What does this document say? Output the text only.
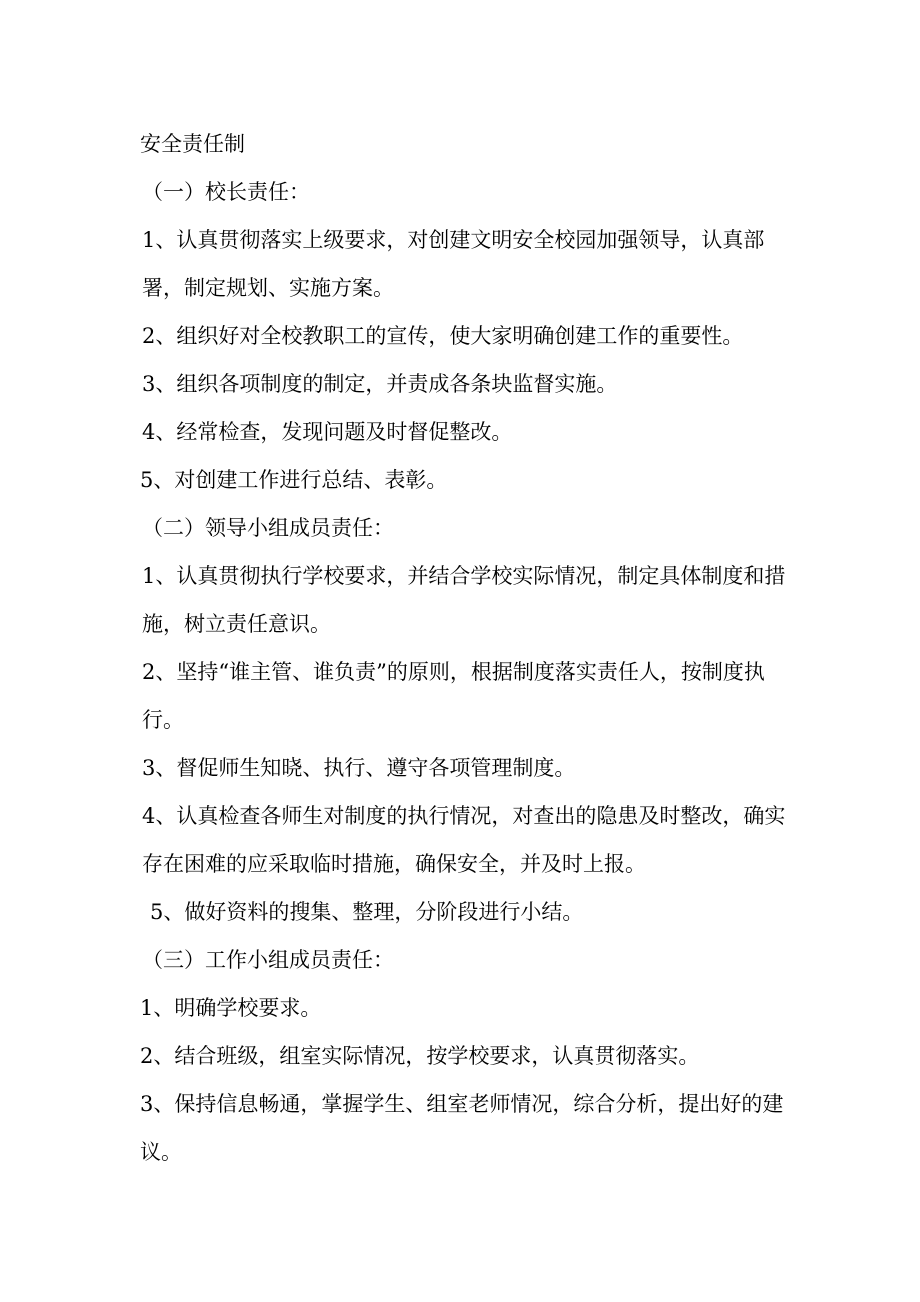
安全责任制

（一）校长责任：

1、认真贯彻落实上级要求，对创建文明安全校园加强领导，认真部署，制定规划、实施方案。

2、组织好对全校教职工的宣传，使大家明确创建工作的重要性。

3、组织各项制度的制定，并责成各条块监督实施。

4、经常检查，发现问题及时督促整改。

5、对创建工作进行总结、表彰。

（二）领导小组成员责任：

1、认真贯彻执行学校要求，并结合学校实际情况，制定具体制度和措施，树立责任意识。

2、坚持“谁主管、谁负责”的原则，根据制度落实责任人，按制度执行。

3、督促师生知晓、执行、遵守各项管理制度。

4、认真检查各师生对制度的执行情况，对查出的隐患及时整改，确实存在困难的应采取临时措施，确保安全，并及时上报。

5、做好资料的搜集、整理，分阶段进行小结。

（三）工作小组成员责任：

1、明确学校要求。

2、结合班级，组室实际情况，按学校要求，认真贯彻落实。

3、保持信息畅通，掌握学生、组室老师情况，综合分析，提出好的建议。
